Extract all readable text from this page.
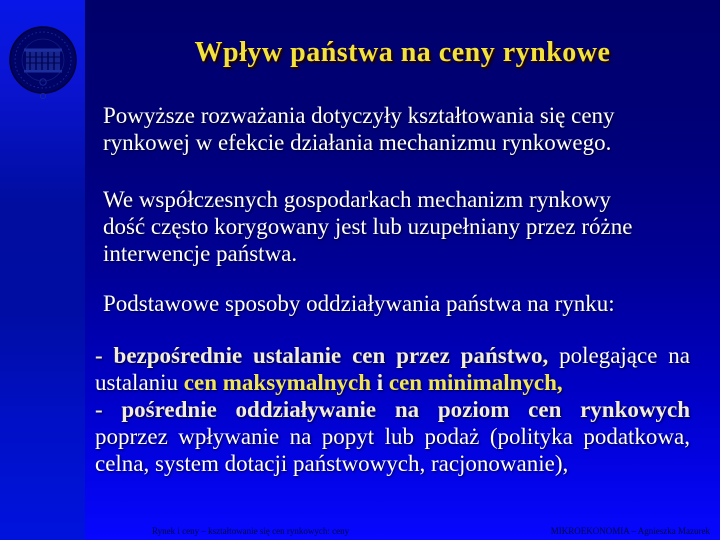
Wpływ państwa na ceny rynkowe
Powyższe rozważania dotyczyły kształtowania się ceny
rynkowej w efekcie działania mechanizmu rynkowego.
We współczesnych gospodarkach mechanizm rynkowy
dość często korygowany jest lub uzupełniany przez różne
interwencje państwa.
Podstawowe sposoby oddziaływania państwa na rynku:
- bezpośrednie ustalanie cen przez państwo, polegające na
ustalaniu cen maksymalnych i cen minimalnych,
- pośrednie oddziaływanie na poziom cen rynkowych
poprzez wpływanie na popyt lub podaż (polityka podatkowa,
celna, system dotacji państwowych, racjonowanie),
Rynek i ceny – kształtowanie się cen rynkowych: ceny	MIKROEKONOMIA – Agnieszka Mazurek
